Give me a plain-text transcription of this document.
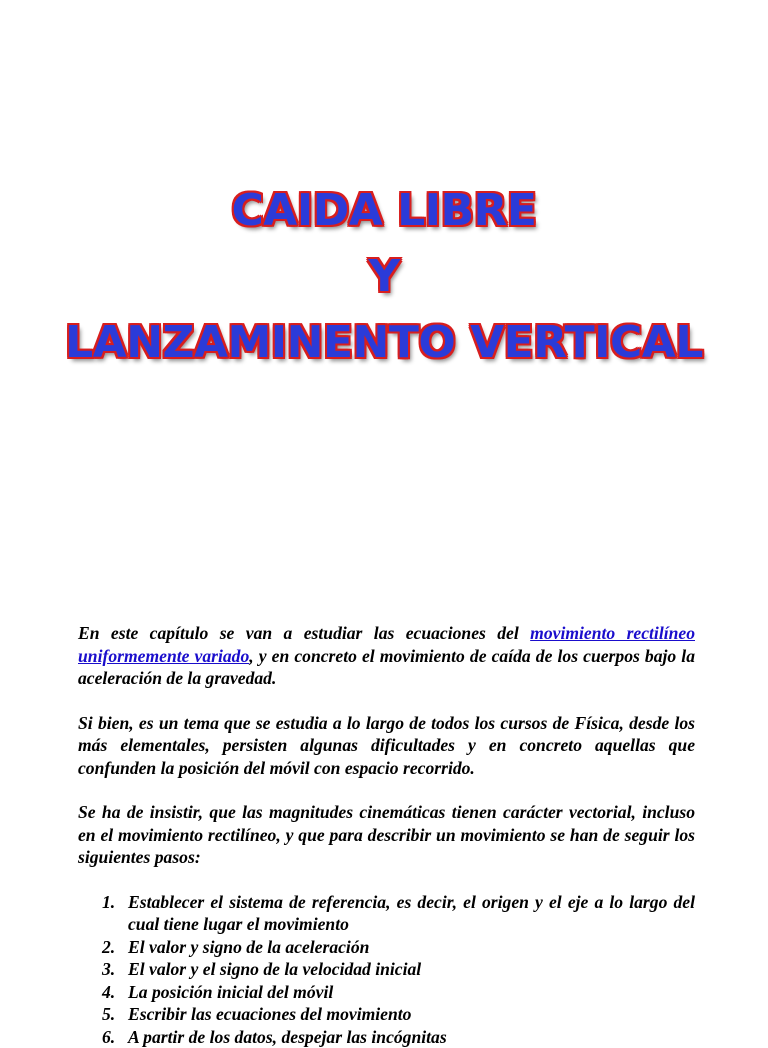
CAIDA LIBRE
Y
LANZAMINENTO VERTICAL

En este capítulo se van a estudiar las ecuaciones del movimiento rectilíneo uniformemente variado, y en concreto el movimiento de caída de los cuerpos bajo la aceleración de la gravedad.

Si bien, es un tema que se estudia a lo largo de todos los cursos de Física, desde los más elementales, persisten algunas dificultades y en concreto aquellas que confunden la posición del móvil con espacio recorrido.

Se ha de insistir, que las magnitudes cinemáticas tienen carácter vectorial, incluso en el movimiento rectilíneo, y que para describir un movimiento se han de seguir los siguientes pasos:

1. Establecer el sistema de referencia, es decir, el origen y el eje a lo largo del cual tiene lugar el movimiento
2. El valor y signo de la aceleración
3. El valor y el signo de la velocidad inicial
4. La posición inicial del móvil
5. Escribir las ecuaciones del movimiento
6. A partir de los datos, despejar las incógnitas
